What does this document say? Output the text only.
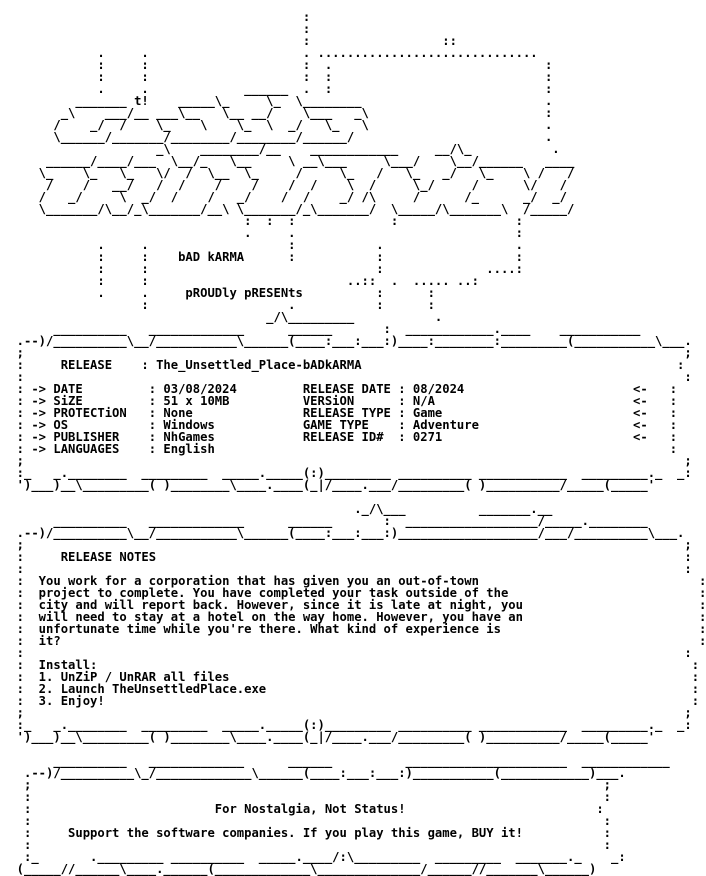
:
:
:                  ::
.     .                     . ..............................
:     :                     :  .                             :
:     :                     :  :                             :
.     .             ______  .  :                             :
_______ t!    _____\_     \_  \________                         .
_\    ___/__ ___\__   \__ __/    \___   _\                        :
/    _/  /    \_    \    \_  \  _/   \_   \                        .
\______/_______/________/________/______/                          .
_\    ________/__    ____________     __/\_           .
______/____/___  \__/_   \__     \ __\___     \___/    \__/______   ____
\_    \_   \_   \/  /  \__  \_     /     \_   /   \_   _/   \_    \ /   /
/    /   __/   /  /    /    /    /  /    \  /     \_/     /      \/   /
/   _/     \  _/  /    /   _/    /  /    _/ /\     /      /_      _/  _/
\_______/\__/_\_______/__\ \_______/_\_______/  \_____/\_______\  /_____/
:  :  :             :                :
.     .                              :
.     .                   :           .                  .
:     :    bAD kARMA      :           :                  :
:     :                               :              ....:
:     :                           ..::  .  ..... ..:
.     .     pROUDly pRESENts          :      :
:                   .           :      :
_/\_________           .
__________   _____________      ______       :  ____________.____    ___________
.--)/__________\__/___________\______(____:___:___:)____:________:_________(___________\___.
;                                                                                          ;
:     RELEASE    : The_Unsettled_Place-bADkARMA                                           :
:                                                                                          :
: -> DATE         : 03/08/2024         RELEASE DATE : 08/2024                       <-   :
: -> SiZE         : 51 x 10MB          VERSiON      : N/A                           <-   :
: -> PROTECTiON   : None               RELEASE TYPE : Game                          <-   :
: -> OS           : Windows            GAME TYPE    : Adventure                     <-   :
: -> PUBLISHER    : NhGames            RELEASE ID#  : 0271                          <-   :
: -> LANGUAGES    : English                                                              :
;                                                                                          ;
:_   _.________  _________  _____._____(:)_________ __________ ____________  _________._  _:
')___)__\_________( )________\____.____(_|/____.___/_________( )__________/_____(_____'
._/\___          _______.__
__________   _____________      ______       :  __________________/_____.________
.--)/__________\__/___________\______(____:___:___:)___________________/___/__________\___.
;                                                                                          ;
:     RELEASE NOTES                                                                        :
:                                                                                          :
:  You work for a corporation that has given you an out-of-town                              :
:  project to complete. You have completed your task outside of the                          :
:  city and will report back. However, since it is late at night, you                        :
:  will need to stay at a hotel on the way home. However, you have an                        :
:  unfortunate time while you're there. What kind of experience is                           :
:  it?                                                                                       :
:                                                                                          :
:  Install:                                                                                 :
:  1. UnZiP / UnRAR all files                                                               :
:  2. Launch TheUnsettledPlace.exe                                                          :
:  3. Enjoy!                                                                                :
;                                                                                          ;
:_   _.________  _________  _____._____(:)_________ __________ ____________  _________._  _:
')___)__\_________( )________\____.____(_|/____.___/_________( )__________/_____(_____'
__________   _____________      ______          ______________________  ____________
.--)/__________\_/_____________\______(____:___:___:)___________(____________)___.
;                                                                              ;
:                                                                              :
:                         For Nostalgia, Not Status!                          :
:                                                                              :
:     Support the software companies. If you play this game, BUY it!           :
:                                                                              :
:_       ._________ __________  _____.____/:\_________  _________  _______._    _:
(_____//______\____.______(_____________\______________/______//_______\______)
